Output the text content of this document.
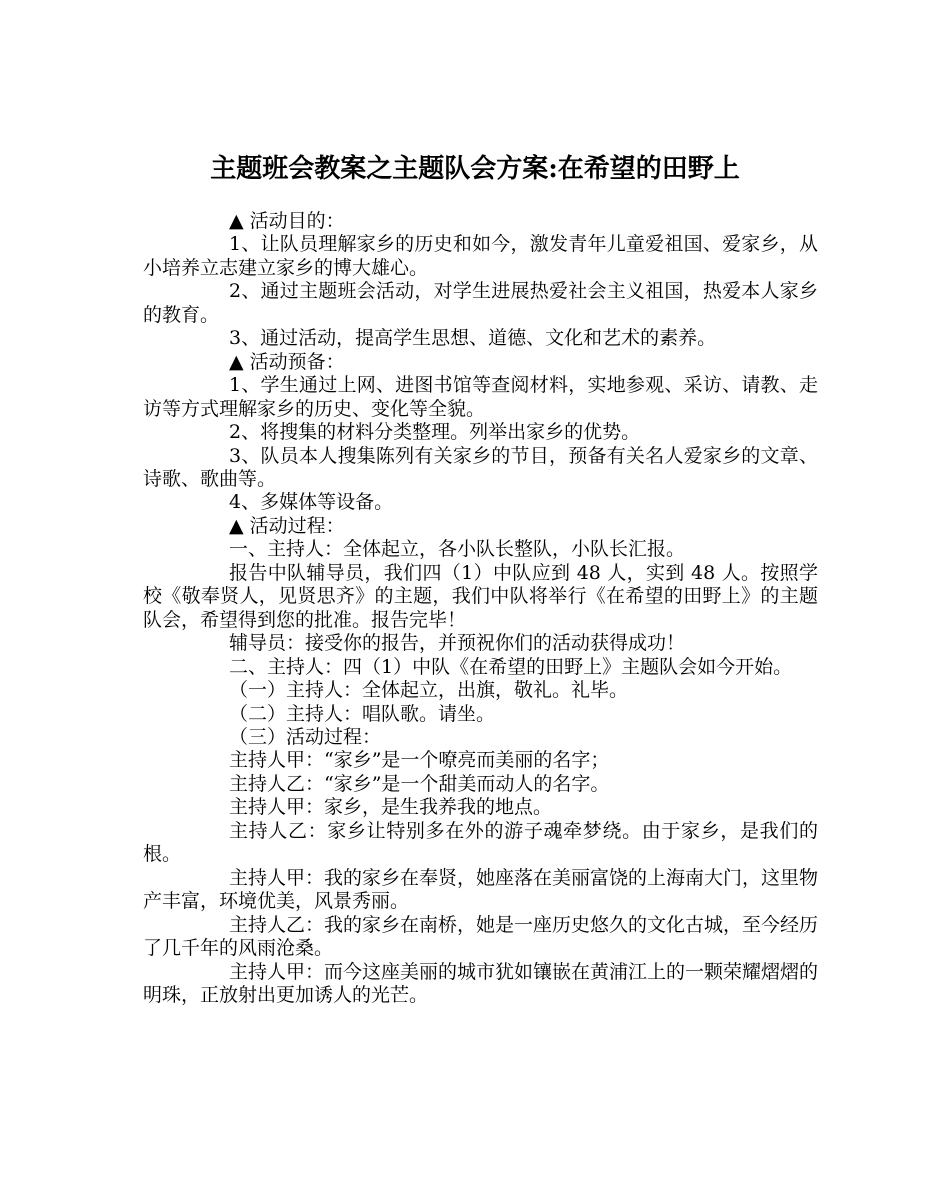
主题班会教案之主题队会方案:在希望的田野上

▲ 活动目的：

1、让队员理解家乡的历史和如今，激发青年儿童爱祖国、爱家乡，从小培养立志建立家乡的博大雄心。

2、通过主题班会活动，对学生进展热爱社会主义祖国，热爱本人家乡的教育。

3、通过活动，提高学生思想、道德、文化和艺术的素养。

▲ 活动预备：

1、学生通过上网、进图书馆等查阅材料，实地参观、采访、请教、走访等方式理解家乡的历史、变化等全貌。

2、将搜集的材料分类整理。列举出家乡的优势。

3、队员本人搜集陈列有关家乡的节目，预备有关名人爱家乡的文章、诗歌、歌曲等。

4、多媒体等设备。

▲ 活动过程：

一、主持人：全体起立，各小队长整队，小队长汇报。

报告中队辅导员，我们四（1）中队应到 48 人，实到 48 人。按照学校《敬奉贤人，见贤思齐》的主题，我们中队将举行《在希望的田野上》的主题队会，希望得到您的批准。报告完毕！

辅导员：接受你的报告，并预祝你们的活动获得成功！

二、主持人：四（1）中队《在希望的田野上》主题队会如今开始。

（一）主持人：全体起立，出旗，敬礼。礼毕。

（二）主持人：唱队歌。请坐。

（三）活动过程：

主持人甲：“家乡”是一个嘹亮而美丽的名字；

主持人乙：“家乡”是一个甜美而动人的名字。

主持人甲：家乡，是生我养我的地点。

主持人乙：家乡让特别多在外的游子魂牵梦绕。由于家乡，是我们的根。

主持人甲：我的家乡在奉贤，她座落在美丽富饶的上海南大门，这里物产丰富，环境优美，风景秀丽。

主持人乙：我的家乡在南桥，她是一座历史悠久的文化古城，至今经历了几千年的风雨沧桑。

主持人甲：而今这座美丽的城市犹如镶嵌在黄浦江上的一颗荣耀熠熠的明珠，正放射出更加诱人的光芒。
